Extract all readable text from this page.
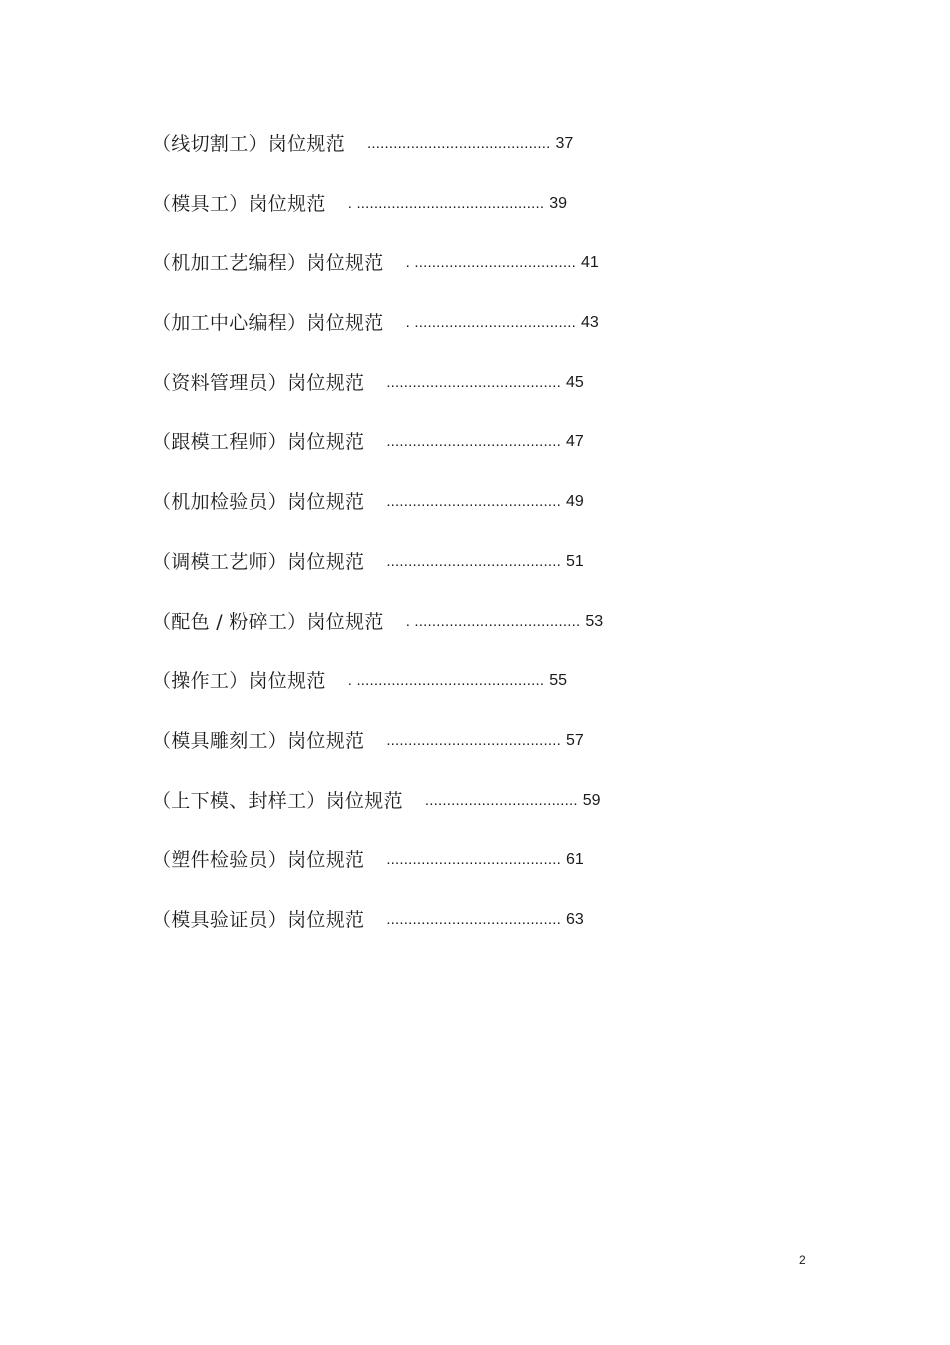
（线切割工）岗位规范 .......................................... 37
（模具工）岗位规范 . ........................................... 39
（机加工艺编程）岗位规范 . ..................................... 41
（加工中心编程）岗位规范 . ..................................... 43
（资料管理员）岗位规范 ........................................ 45
（跟模工程师）岗位规范 ........................................ 47
（机加检验员）岗位规范 ........................................ 49
（调模工艺师）岗位规范 ........................................ 51
（配色 / 粉碎工）岗位规范 . ...................................... 53
（操作工）岗位规范 . ........................................... 55
（模具雕刻工）岗位规范 ........................................ 57
（上下模、封样工）岗位规范 ................................... 59
（塑件检验员）岗位规范 ........................................ 61
（模具验证员）岗位规范 ........................................ 63
2
